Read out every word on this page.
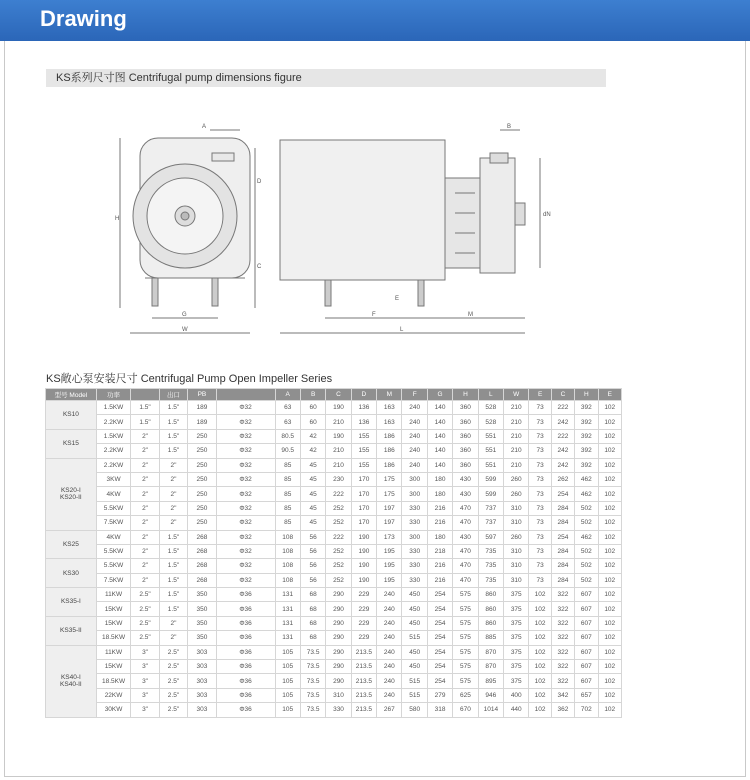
Drawing
KS系列尺寸图 Centrifugal pump dimensions figure
A
D
H
C
E
G
W
B
dN
F	M
L
KS敞心泵安装尺寸 Centrifugal Pump Open Impeller Series
型号 Model	功率		出口	PB		A	B	C	D	M	F	G	H	L	W	E	C	H	E
KS10	1.5KW	1.5"	1.5"	189	Φ32	63	60	190	136	163	240	140	360	528	210	73	222	392	102
	2.2KW	1.5"	1.5"	189	Φ32	63	60	210	136	163	240	140	360	528	210	73	242	392	102
KS15	1.5KW	2"	1.5"	250	Φ32	80.5	42	190	155	186	240	140	360	551	210	73	222	392	102
	2.2KW	2"	1.5"	250	Φ32	90.5	42	210	155	186	240	140	360	551	210	73	242	392	102
KS20-I
KS20-II	2.2KW	2"	2"	250	Φ32	85	45	210	155	186	240	140	360	551	210	73	242	392	102
	3KW	2"	2"	250	Φ32	85	45	230	170	175	300	180	430	599	260	73	262	462	102
	4KW	2"	2"	250	Φ32	85	45	222	170	175	300	180	430	599	260	73	254	462	102
	5.5KW	2"	2"	250	Φ32	85	45	252	170	197	330	216	470	737	310	73	284	502	102
	7.5KW	2"	2"	250	Φ32	85	45	252	170	197	330	216	470	737	310	73	284	502	102
KS25	4KW	2"	1.5"	268	Φ32	108	56	222	190	173	300	180	430	597	260	73	254	462	102
	5.5KW	2"	1.5"	268	Φ32	108	56	252	190	195	330	218	470	735	310	73	284	502	102
KS30	5.5KW	2"	1.5"	268	Φ32	108	56	252	190	195	330	216	470	735	310	73	284	502	102
	7.5KW	2"	1.5"	268	Φ32	108	56	252	190	195	330	216	470	735	310	73	284	502	102
KS35-I	11KW	2.5"	1.5"	350	Φ36	131	68	290	229	240	450	254	575	860	375	102	322	607	102
	15KW	2.5"	1.5"	350	Φ36	131	68	290	229	240	450	254	575	860	375	102	322	607	102
KS35-II	15KW	2.5"	2"	350	Φ36	131	68	290	229	240	450	254	575	860	375	102	322	607	102
	18.5KW	2.5"	2"	350	Φ36	131	68	290	229	240	515	254	575	885	375	102	322	607	102
KS40-I
KS40-II	11KW	3"	2.5"	303	Φ36	105	73.5	290	213.5	240	450	254	575	870	375	102	322	607	102
	15KW	3"	2.5"	303	Φ36	105	73.5	290	213.5	240	450	254	575	870	375	102	322	607	102
	18.5KW	3"	2.5"	303	Φ36	105	73.5	290	213.5	240	515	254	575	895	375	102	322	607	102
	22KW	3"	2.5"	303	Φ36	105	73.5	310	213.5	240	515	279	625	946	400	102	342	657	102
	30KW	3"	2.5"	303	Φ36	105	73.5	330	213.5	267	580	318	670	1014	440	102	362	702	102
